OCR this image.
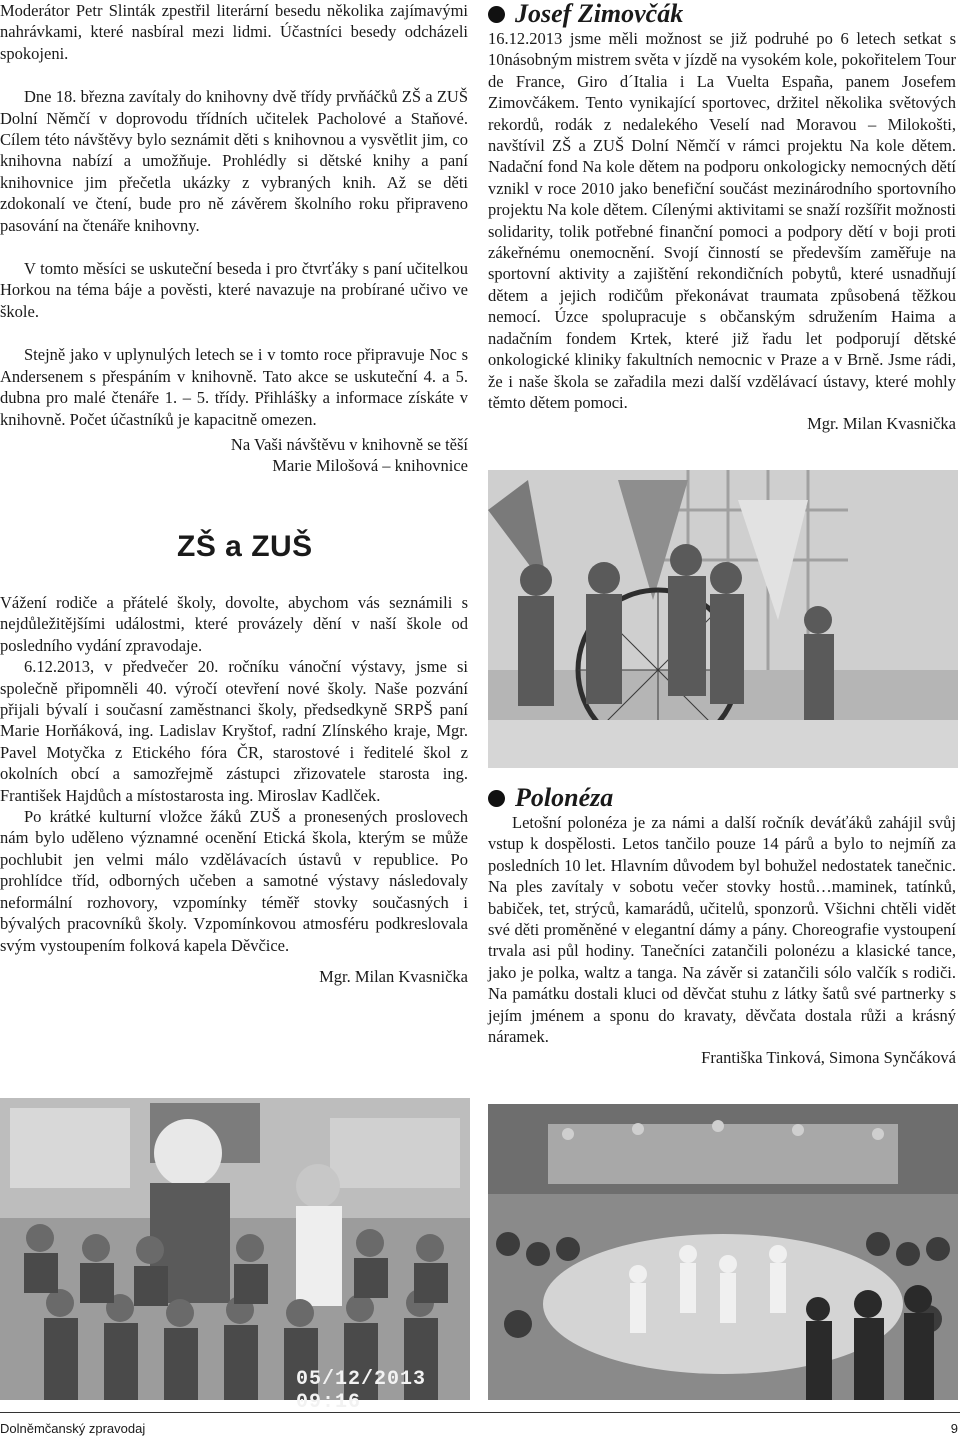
Moderátor Petr Slinták zpestřil literární besedu několika zajímavými nahrávkami, které nasbíral mezi lidmi. Účastníci besedy odcházeli spokojeni.

Dne 18. března zavítaly do knihovny dvě třídy prvňáčků ZŠ a ZUŠ Dolní Němčí v doprovodu třídních učitelek Pacholové a Staňové. Cílem této návštěvy bylo seznámit děti s knihovnou a vysvětlit jim, co knihovna nabízí a umožňuje. Prohlédly si dětské knihy a paní knihovnice jim přečetla ukázky z vybraných knih. Až se děti zdokonalí ve čtení, bude pro ně závěrem školního roku připraveno pasování na čtenáře knihovny.

V tomto měsíci se uskuteční beseda i pro čtvrťáky s paní učitelkou Horkou na téma báje a pověsti, které navazuje na probírané učivo ve škole.

Stejně jako v uplynulých letech se i v tomto roce připravuje Noc s Andersenem s přespáním v knihovně. Tato akce se uskuteční 4. a 5. dubna pro malé čtenáře 1. – 5. třídy. Přihlášky a informace získáte v knihovně. Počet účastníků je kapacitně omezen.

Na Vaši návštěvu v knihovně se těší
Marie Milošová – knihovnice
ZŠ a ZUŠ

Vážení rodiče a přátelé školy, dovolte, abychom vás seznámili s nejdůležitějšími událostmi, které provázely dění v naší škole od posledního vydání zpravodaje.

6.12.2013, v předvečer 20. ročníku vánoční výstavy, jsme si společně připomněli 40. výročí otevření nové školy. Naše pozvání přijali bývalí i současní zaměstnanci školy, předsedkyně SRPŠ paní Marie Horňáková, ing. Ladislav Kryštof, radní Zlínského kraje, Mgr. Pavel Motyčka z Etického fóra ČR, starostové i ředitelé škol z okolních obcí a samozřejmě zástupci zřizovatele starosta ing. František Hajdůch a místostarosta ing. Miroslav Kadlček.

Po krátké kulturní vložce žáků ZUŠ a pronesených proslovech nám bylo uděleno významné ocenění Etická škola, kterým se může pochlubit jen velmi málo vzdělávacích ústavů v republice. Po prohlídce tříd, odborných učeben a samotné výstavy následovaly neformální rozhovory, vzpomínky téměř stovky současných i bývalých pracovníků školy. Vzpomínkovou atmosféru podkreslovala svým vystoupením folková kapela Děvčice.

Mgr. Milan Kvasnička
05/12/2013 09:16
Josef Zimovčák

16.12.2013 jsme měli možnost se již podruhé po 6 letech setkat s 10násobným mistrem světa v jízdě na vysokém kole, pokořitelem Tour de France, Giro d´Italia i La Vuelta España, panem Josefem Zimovčákem. Tento vynikající sportovec, držitel několika světových rekordů, rodák z nedalekého Veselí nad Moravou – Milokošti, navštívil ZŠ a ZUŠ Dolní Němčí v rámci projektu Na kole dětem. Nadační fond Na kole dětem na podporu onkologicky nemocných dětí vznikl v roce 2010 jako benefiční součást mezinárodního sportovního projektu Na kole dětem. Cílenými aktivitami se snaží rozšířit možnosti solidarity, tolik potřebné finanční pomoci a podpory dětí v boji proti zákeřnému onemocnění. Svojí činností se především zaměřuje na sportovní aktivity a zajištění rekondičních pobytů, které usnadňují dětem a jejich rodičům překonávat traumata způsobená těžkou nemocí. Úzce spolupracuje s občanským sdružením Haima a nadačním fondem Krtek, které již řadu let podporují dětské onkologické kliniky fakultních nemocnic v Praze a v Brně. Jsme rádi, že i naše škola se zařadila mezi další vzdělávací ústavy, které mohly těmto dětem pomoci.

Mgr. Milan Kvasnička
Polonéza

Letošní polonéza je za námi a další ročník deváťáků zahájil svůj vstup k dospělosti. Letos tančilo pouze 14 párů a bylo to nejmíň za posledních 10 let. Hlavním důvodem byl bohužel nedostatek tanečnic. Na ples zavítaly v sobotu večer stovky hostů…maminek, tatínků, babiček, tet, strýců, kamarádů, učitelů, sponzorů. Všichni chtěli vidět své děti proměněné v elegantní dámy a pány. Choreografie vystoupení trvala asi půl hodiny. Tanečníci zatančili polonézu a klasické tance, jako je polka, waltz a tanga. Na závěr si zatančili sólo valčík s rodiči. Na památku dostali kluci od děvčat stuhu z látky šatů své partnerky s jejím jménem a sponu do kravaty, děvčata dostala růži a krásný náramek.

Františka Tinková, Simona Synčáková
Dolněmčanský zpravodaj	9
